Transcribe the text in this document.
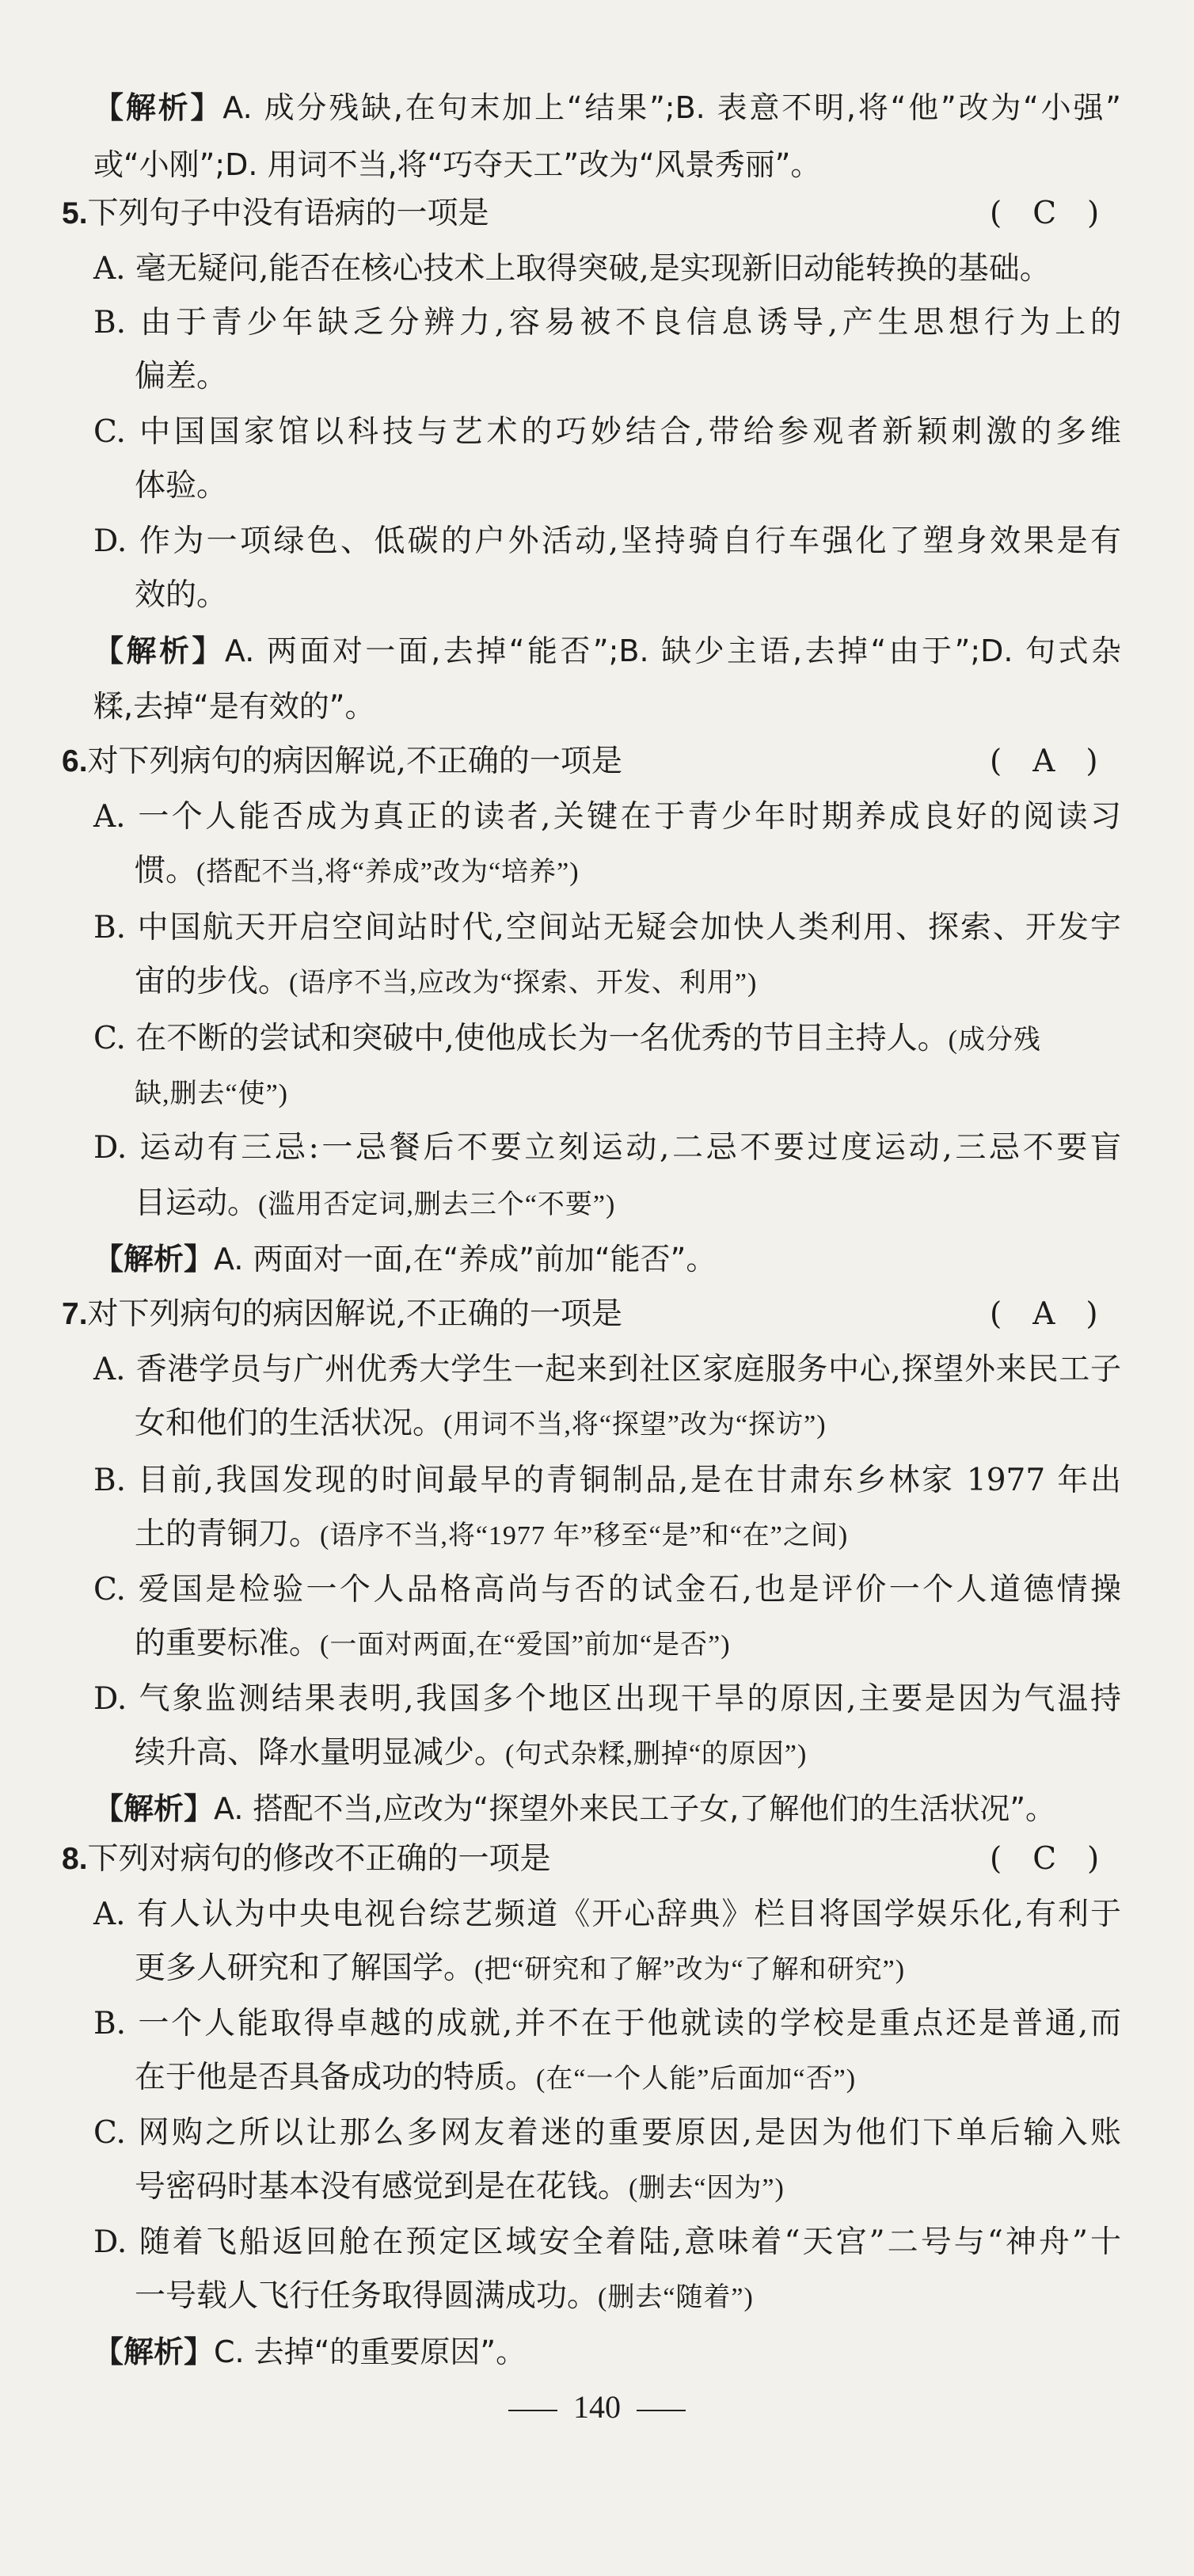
【解析】A. 成分残缺,在句末加上“结果”;B. 表意不明,将“他”改为“小强”
或“小刚”;D. 用词不当,将“巧夺天工”改为“风景秀丽”。
5.下列句子中没有语病的一项是	(　C　)
A. 毫无疑问,能否在核心技术上取得突破,是实现新旧动能转换的基础。
B. 由于青少年缺乏分辨力,容易被不良信息诱导,产生思想行为上的
偏差。
C. 中国国家馆以科技与艺术的巧妙结合,带给参观者新颖刺激的多维
体验。
D. 作为一项绿色、低碳的户外活动,坚持骑自行车强化了塑身效果是有
效的。
【解析】A. 两面对一面,去掉“能否”;B. 缺少主语,去掉“由于”;D. 句式杂
糅,去掉“是有效的”。
6.对下列病句的病因解说,不正确的一项是	(　A　)
A. 一个人能否成为真正的读者,关键在于青少年时期养成良好的阅读习
惯。(搭配不当,将“养成”改为“培养”)
B. 中国航天开启空间站时代,空间站无疑会加快人类利用、探索、开发宇
宙的步伐。(语序不当,应改为“探索、开发、利用”)
C. 在不断的尝试和突破中,使他成长为一名优秀的节目主持人。(成分残
缺,删去“使”)
D. 运动有三忌:一忌餐后不要立刻运动,二忌不要过度运动,三忌不要盲
目运动。(滥用否定词,删去三个“不要”)
【解析】A. 两面对一面,在“养成”前加“能否”。
7.对下列病句的病因解说,不正确的一项是	(　A　)
A. 香港学员与广州优秀大学生一起来到社区家庭服务中心,探望外来民工子
女和他们的生活状况。(用词不当,将“探望”改为“探访”)
B. 目前,我国发现的时间最早的青铜制品,是在甘肃东乡林家 1977 年出
土的青铜刀。(语序不当,将“1977 年”移至“是”和“在”之间)
C. 爱国是检验一个人品格高尚与否的试金石,也是评价一个人道德情操
的重要标准。(一面对两面,在“爱国”前加“是否”)
D. 气象监测结果表明,我国多个地区出现干旱的原因,主要是因为气温持
续升高、降水量明显减少。(句式杂糅,删掉“的原因”)
【解析】A. 搭配不当,应改为“探望外来民工子女,了解他们的生活状况”。
8.下列对病句的修改不正确的一项是	(　C　)
A. 有人认为中央电视台综艺频道《开心辞典》栏目将国学娱乐化,有利于
更多人研究和了解国学。(把“研究和了解”改为“了解和研究”)
B. 一个人能取得卓越的成就,并不在于他就读的学校是重点还是普通,而
在于他是否具备成功的特质。(在“一个人能”后面加“否”)
C. 网购之所以让那么多网友着迷的重要原因,是因为他们下单后输入账
号密码时基本没有感觉到是在花钱。(删去“因为”)
D. 随着飞船返回舱在预定区域安全着陆,意味着“天宫”二号与“神舟”十
一号载人飞行任务取得圆满成功。(删去“随着”)
【解析】C. 去掉“的重要原因”。
140
